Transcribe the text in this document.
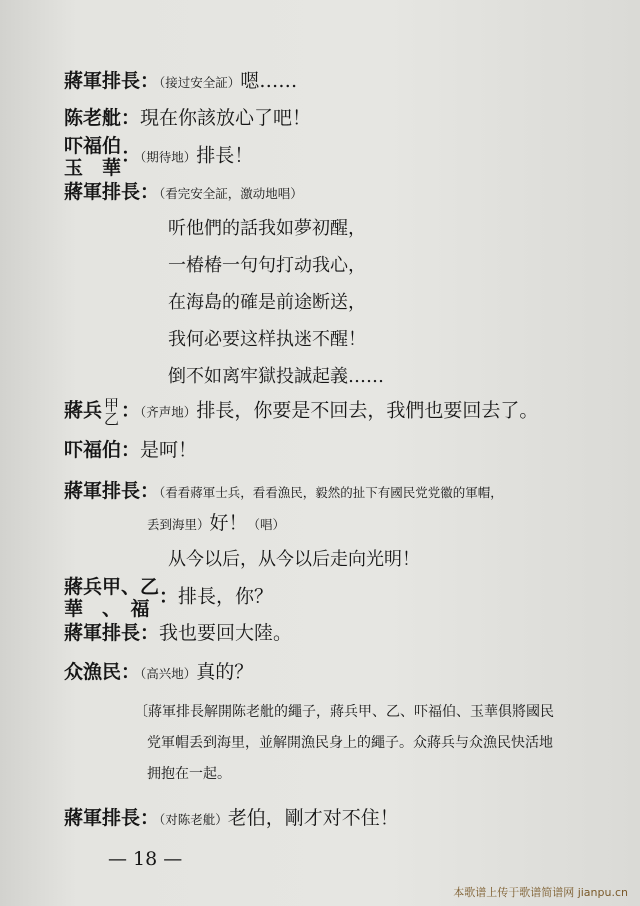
蔣軍排長：（接过安全証）嗯……
陈老舭：現在你該放心了吧！
吓福伯
玉　華
：（期待地）排長！
蔣軍排長：（看完安全証，激动地唱）
听他們的話我如夢初醒，
一椿椿一句句打动我心，
在海島的確是前途断送，
我何必要这样执迷不醒！
倒不如离牢獄投誠起義……
蔣兵 甲
乙 ：（齐声地）排長，你要是不回去，我們也要回去了。
吓福伯：是呵！
蔣軍排長：（看看蔣軍士兵，看看漁民，毅然的扯下有國民党党徽的軍帽，
丢到海里）好！（唱）
从今以后，从今以后走向光明！
蔣兵甲、乙
華　、　福
：排長，你？
蔣軍排長：我也要回大陸。
众漁民：（高兴地）真的？
〔蔣軍排長解開陈老舭的繩子，蔣兵甲、乙、吓福伯、玉華俱將國民
党軍帽丢到海里，並解開漁民身上的繩子。众蔣兵与众漁民快活地
拥抱在一起。
蔣軍排長：（对陈老舭）老伯，剛才对不住！
— 18 —
本歌谱上传于歌谱简谱网 jianpu.cn
